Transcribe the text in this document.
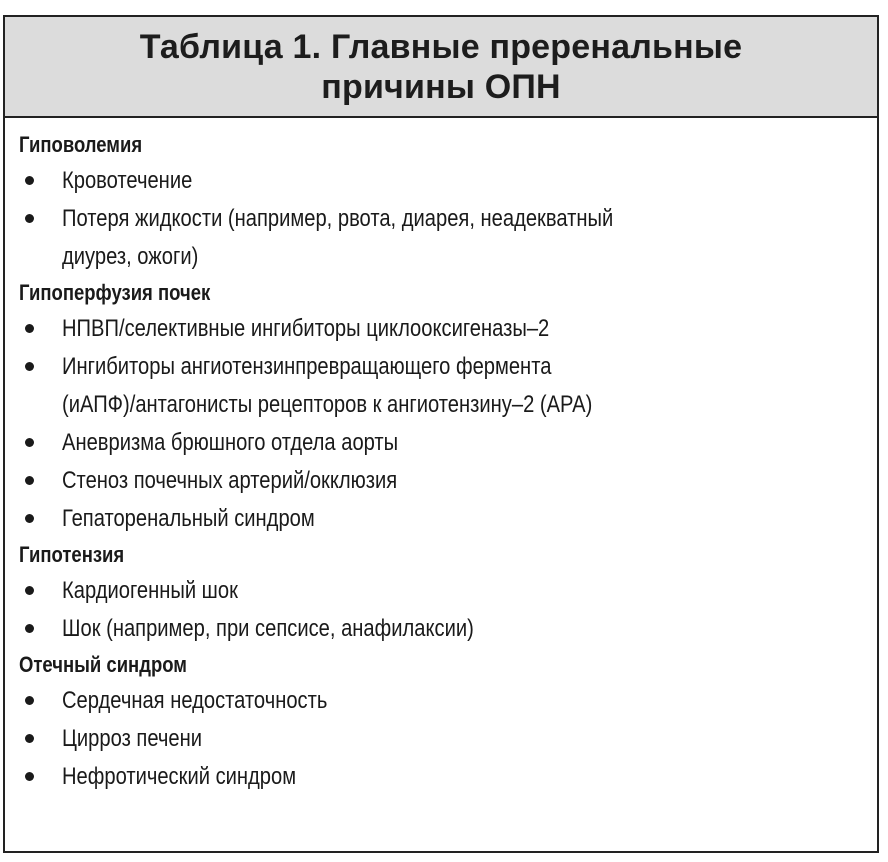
Таблица 1. Главные преренальные
причины ОПН
Гиповолемия
Кровотечение
Потеря жидкости (например, рвота, диарея, неадекватный
диурез, ожоги)
Гипоперфузия почек
НПВП/селективные ингибиторы циклооксигеназы–2
Ингибиторы ангиотензинпревращающего фермента
(иАПФ)/антагонисты рецепторов к ангиотензину–2 (АРА)
Аневризма брюшного отдела аорты
Стеноз почечных артерий/окклюзия
Гепаторенальный синдром
Гипотензия
Кардиогенный шок
Шок (например, при сепсисе, анафилаксии)
Отечный синдром
Сердечная недостаточность
Цирроз печени
Нефротический синдром
